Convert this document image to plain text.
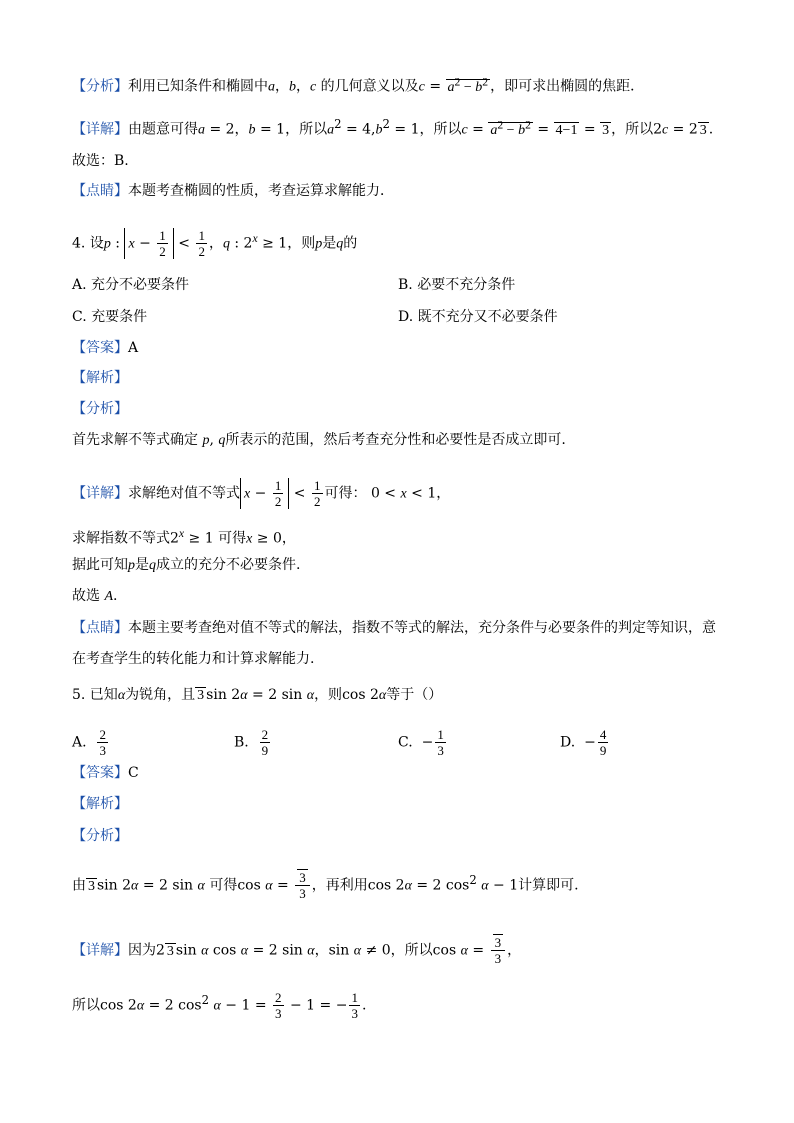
【分析】利用已知条件和椭圆中a，b，c 的几何意义以及$c = a^2 - b^2$ ，即可求出椭圆的焦距．
【详解】由题意可得a = 2，b = 1，所以$a^2 = 4,b^2 = 1$，所以$c = a^2 - b^2 = 4-1 = 3$ ，所以2c = 2 3 .
故选：B.
【点睛】本题考查椭圆的性质，考查运算求解能力．
4. 设p : $x - \frac{1}{2} < \frac{1}{2}$ ，q : $2^x \ge 1$，则p是q的
A. 充分不必要条件	B. 必要不充分条件
C. 充要条件	D. 既不充分又不必要条件
【答案】A
【解析】
【分析】
首先求解不等式确定 p, q所表示的范围，然后考查充分性和必要性是否成立即可.
【详解】求解绝对值不等式 $x - \frac{1}{2} < \frac{1}{2}$ 可得： 0 < x < 1，
求解指数不等式$2^x \ge 1$ 可得x ≥ 0，
据此可知p是q成立的充分不必要条件.
故选 A.
【点睛】本题主要考查绝对值不等式的解法，指数不等式的解法，充分条件与必要条件的判定等知识，意
在考查学生的转化能力和计算求解能力.
5. 已知α为锐角，且 3 sin 2α = 2 sin α，则cos 2α等于（）
A. $\frac{2}{3}$	B. $\frac{2}{9}$	C.  − $\frac{1}{3}$	D.  − $\frac{4}{9}$
【答案】C
【解析】
【分析】
由 3 sin 2α = 2 sin α 可得$\cos \alpha = \frac{3}{3}$ ，再利用cos 2α = 2 $\cos^2 \alpha - 1$计算即可.
【详解】因为2 3 sin α cos α = 2 sin α，sin α ≠ 0，所以$\cos \alpha = \frac{3}{3}$ ，
所以cos 2α = 2 $\cos^2 \alpha - 1 = \frac{2}{3} - 1$ = − $\frac{1}{3}$ .
